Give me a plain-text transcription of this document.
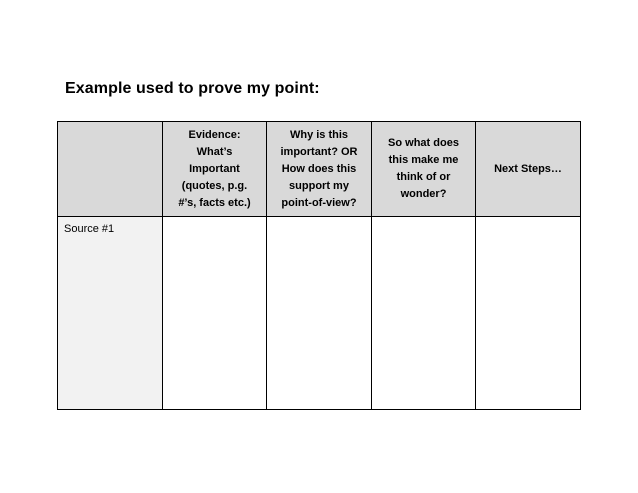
Example used to prove my point:

	Evidence:
What’s
Important
(quotes, p.g.
#’s, facts etc.)	Why is this
important? OR
How does this
support my
point-of-view?	So what does
this make me
think of or
wonder?	Next Steps…

Source #1				
